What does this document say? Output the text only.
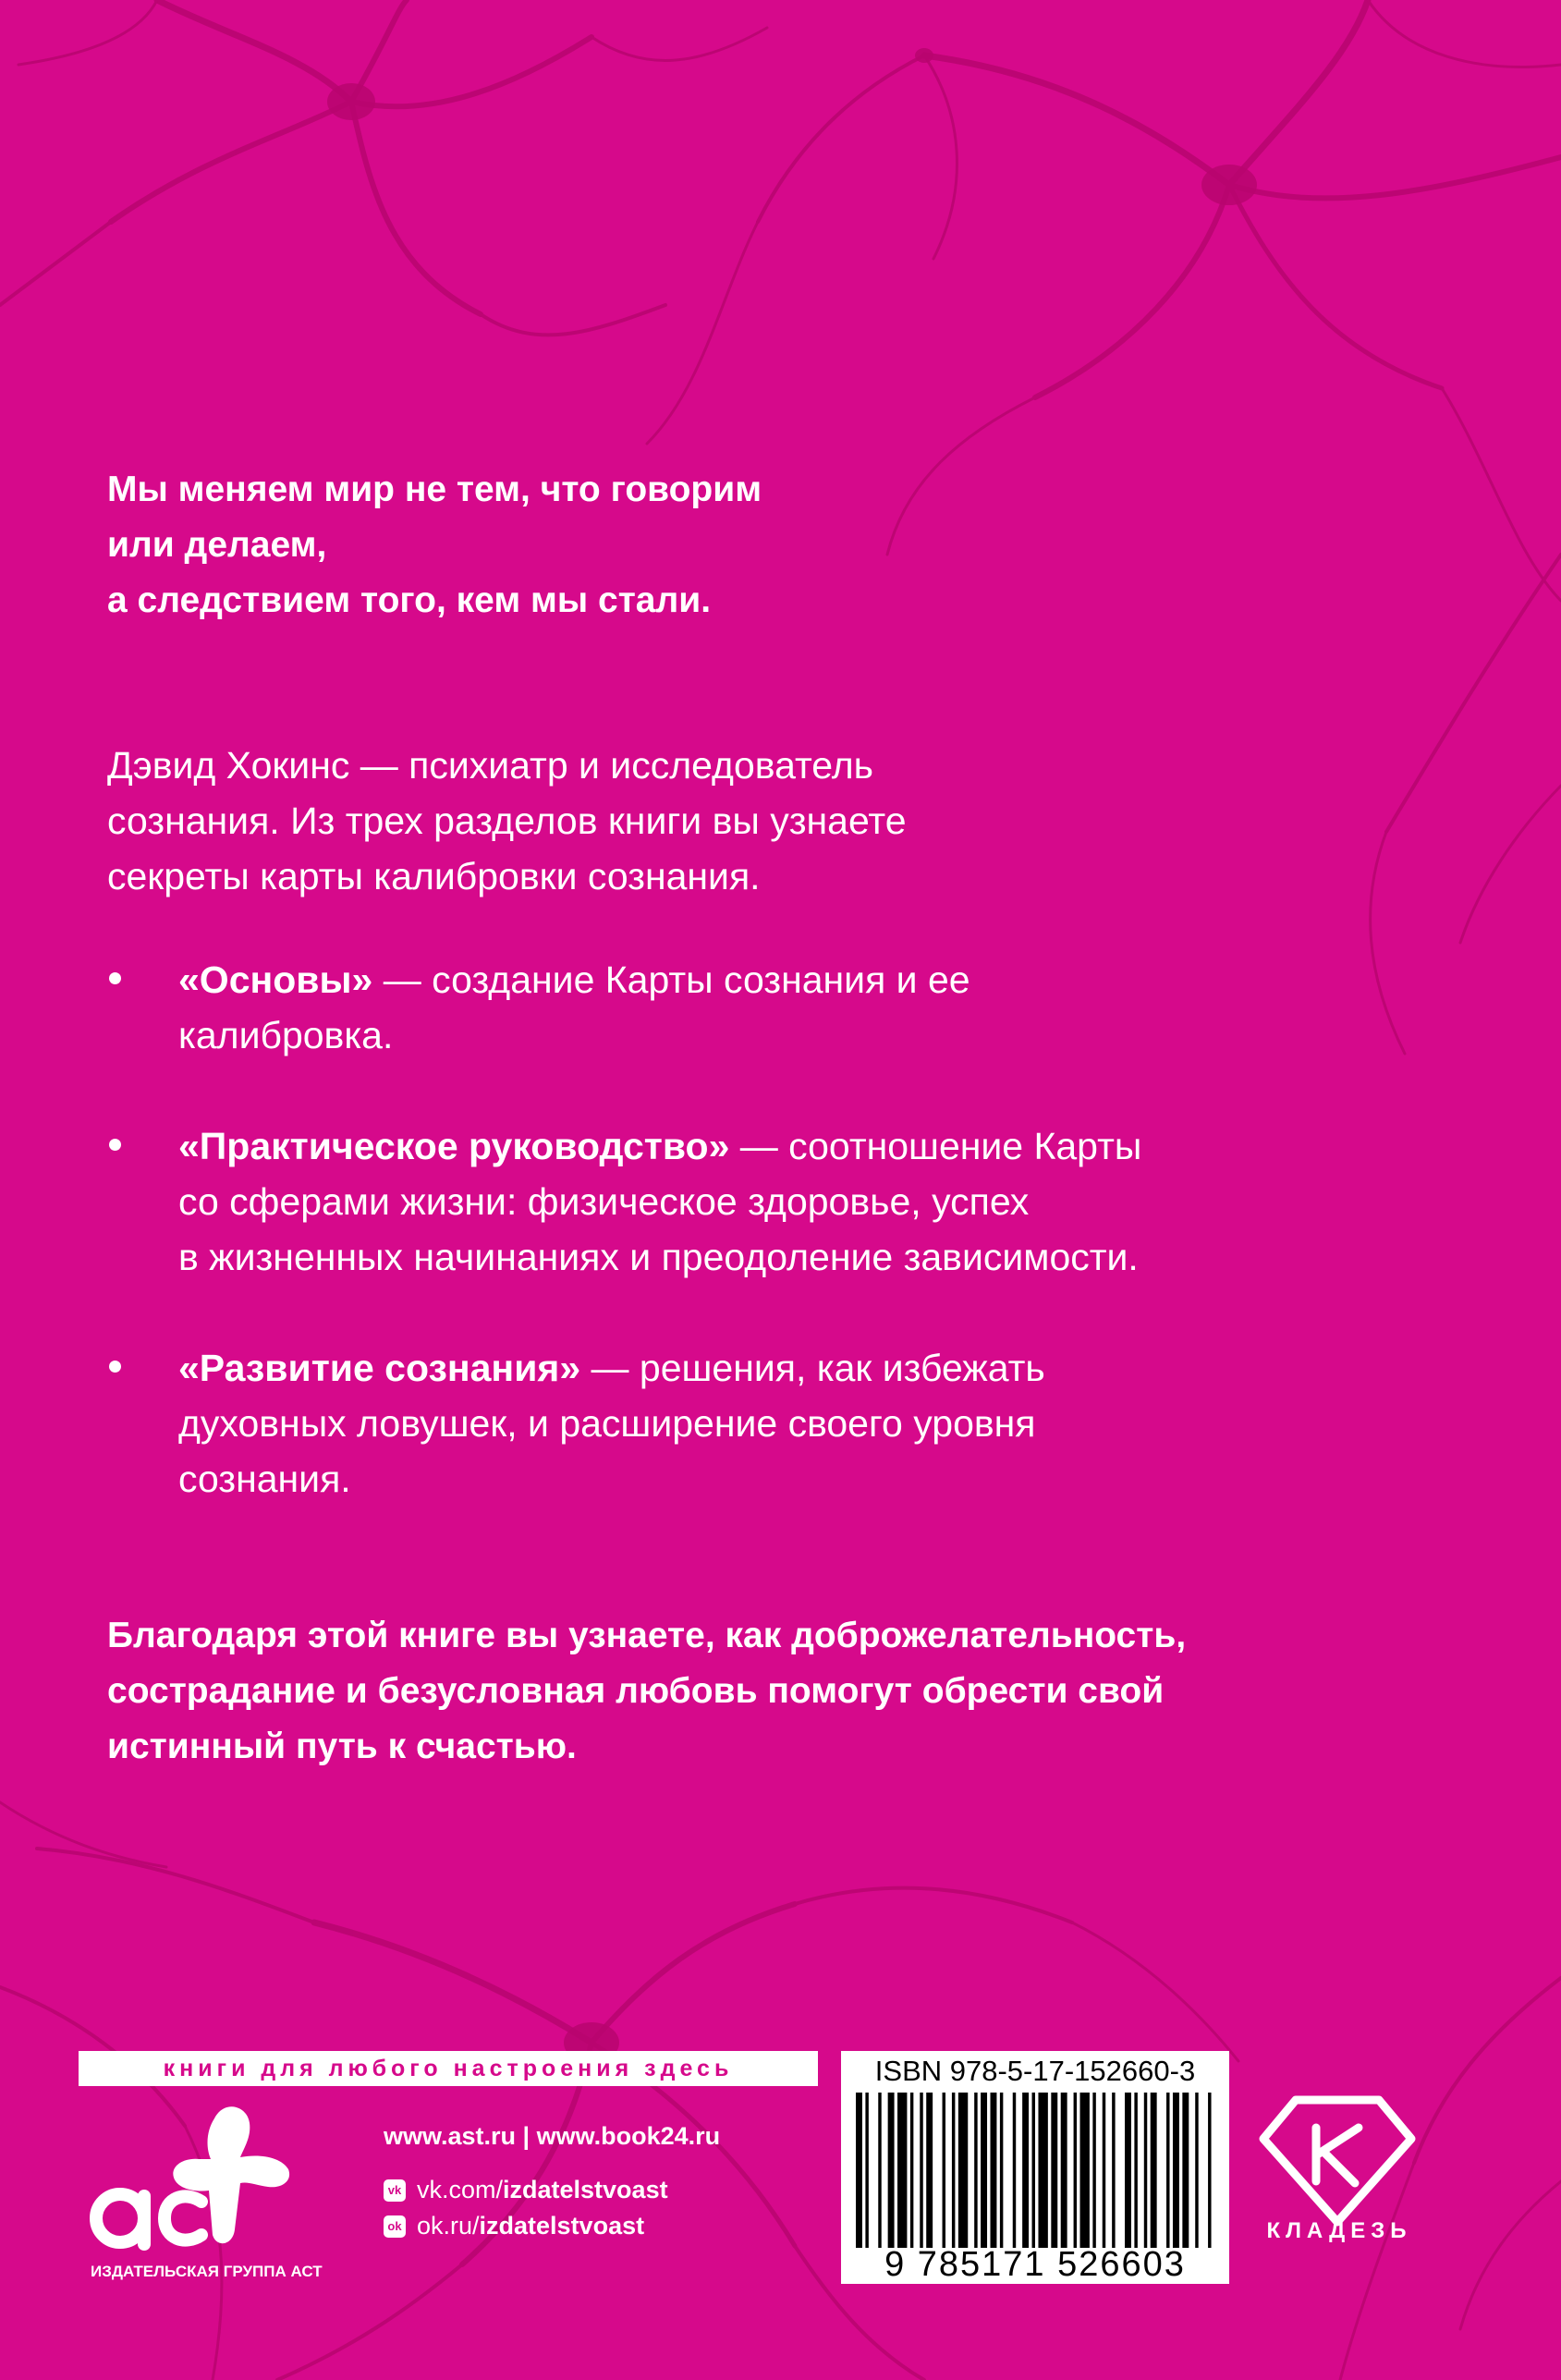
Мы меняем мир не тем, что говорим
или делаем,
а следствием того, кем мы стали.
Дэвид Хокинс — психиатр и исследователь
сознания. Из трех разделов книги вы узнаете
секреты карты калибровки сознания.
«Основы» — создание Карты сознания и ее
калибровка.
«Практическое руководство» — соотношение Карты
со сферами жизни: физическое здоровье, успех
в жизненных начинаниях и преодоление зависимости.
«Развитие сознания» — решения, как избежать
духовных ловушек, и расширение своего уровня
сознания.
Благодаря этой книге вы узнаете, как доброжелательность,
сострадание и безусловная любовь помогут обрести свой
истинный путь к счастью.
книги для любого настроения здесь
ИЗДАТЕЛЬСКАЯ ГРУППА АСТ
www.ast.ru | www.book24.ru
vk vk.com/ izdatelstvoast
ok ok.ru/ izdatelstvoast
ISBN 978-5-17-152660-3
9 785171 526603
КЛАДЕЗЬ
